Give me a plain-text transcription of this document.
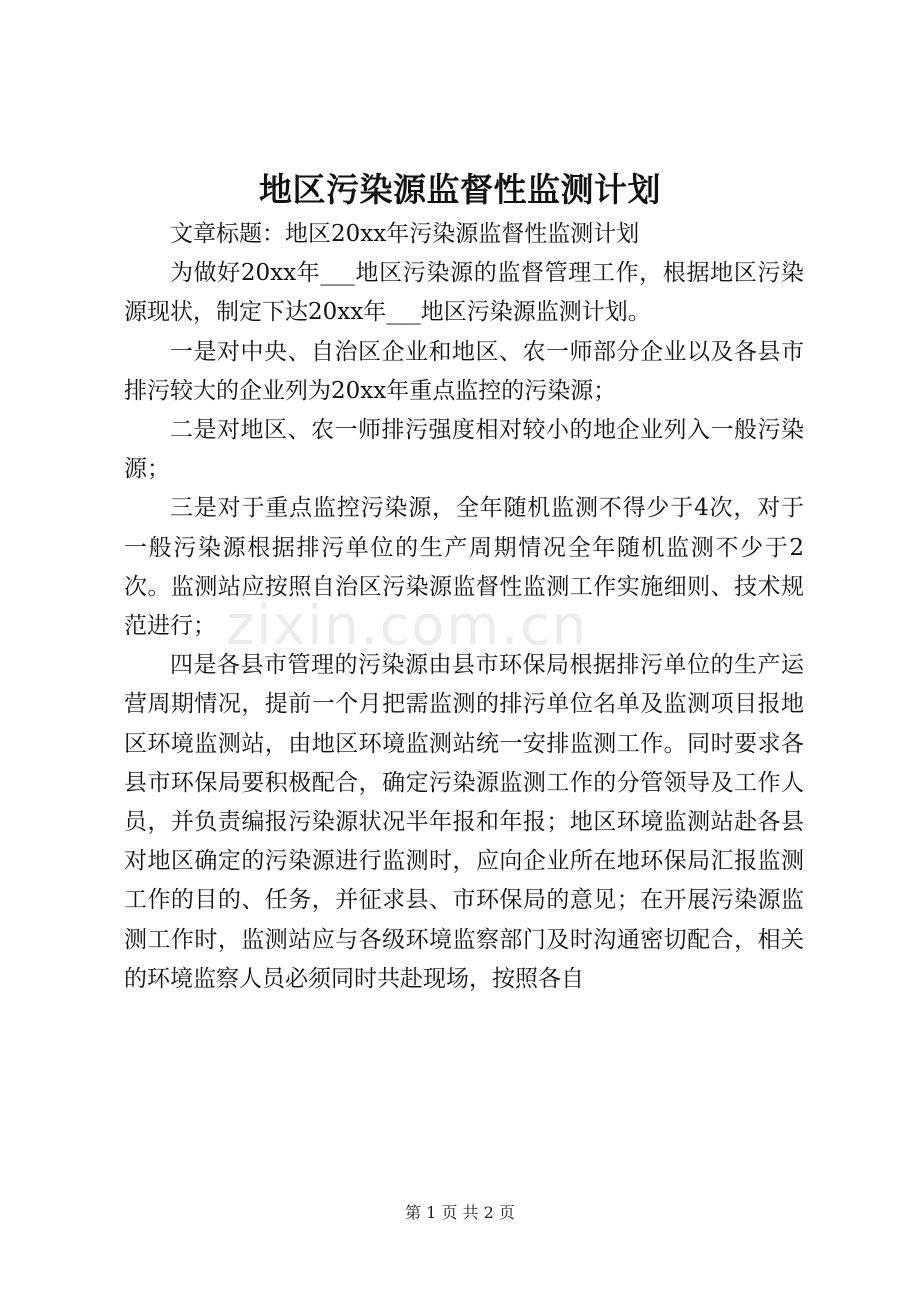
地区污染源监督性监测计划

文章标题：地区20xx年污染源监督性监测计划

为做好20xx年___地区污染源的监督管理工作，根据地区污染源现状，制定下达20xx年___地区污染源监测计划。

一是对中央、自治区企业和地区、农一师部分企业以及各县市排污较大的企业列为20xx年重点监控的污染源；

二是对地区、农一师排污强度相对较小的地企业列入一般污染源；

三是对于重点监控污染源，全年随机监测不得少于4次，对于一般污染源根据排污单位的生产周期情况全年随机监测不少于2次。监测站应按照自治区污染源监督性监测工作实施细则、技术规范进行；

四是各县市管理的污染源由县市环保局根据排污单位的生产运营周期情况，提前一个月把需监测的排污单位名单及监测项目报地区环境监测站，由地区环境监测站统一安排监测工作。同时要求各县市环保局要积极配合，确定污染源监测工作的分管领导及工作人员，并负责编报污染源状况半年报和年报；地区环境监测站赴各县对地区确定的污染源进行监测时，应向企业所在地环保局汇报监测工作的目的、任务，并征求县、市环保局的意见；在开展污染源监测工作时，监测站应与各级环境监察部门及时沟通密切配合，相关的环境监察人员必须同时共赴现场，按照各自

zixin.com.cn
第 1 页 共 2 页
